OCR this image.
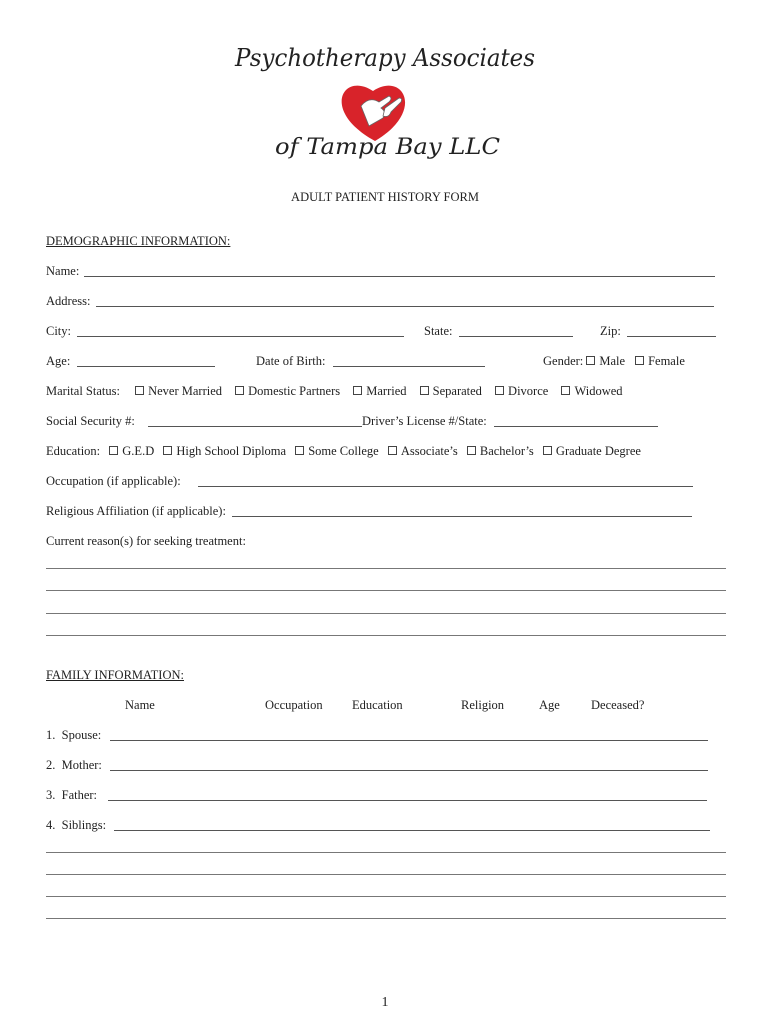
Psychotherapy Associates
of Tampa Bay LLC
ADULT PATIENT HISTORY FORM
DEMOGRAPHIC INFORMATION:
Name:
Address:
City:	State:	Zip:
Age:	Date of Birth:	Gender: Male Female
Marital Status: Never Married Domestic Partners Married Separated Divorce Widowed
Social Security #:	Driver’s License #/State:
Education: G.E.D High School Diploma Some College Associate’s Bachelor’s Graduate Degree
Occupation (if applicable):
Religious Affiliation (if applicable):
Current reason(s) for seeking treatment:
FAMILY INFORMATION:
Name	Occupation Education	Religion	Age Deceased?
1.  Spouse:
2.  Mother:
3.  Father:
4.  Siblings:
1
